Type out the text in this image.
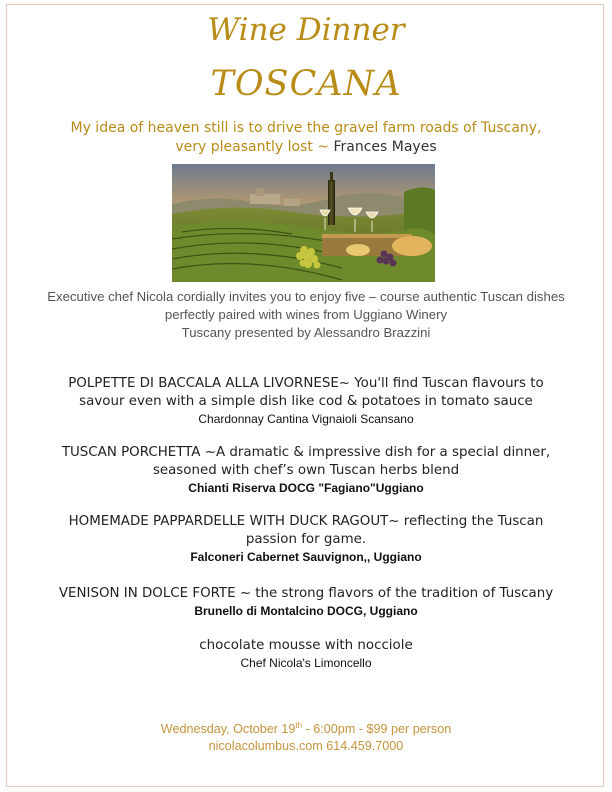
Wine Dinner
TOSCANA
My idea of heaven still is to drive the gravel farm roads of Tuscany,
very pleasantly lost ~ Frances Mayes
Executive chef Nicola cordially invites you to enjoy five – course authentic Tuscan dishes
perfectly paired with wines from Uggiano Winery
Tuscany presented by Alessandro Brazzini
POLPETTE DI BACCALA ALLA LIVORNESE~ You'll find Tuscan flavours to
savour even with a simple dish like cod & potatoes in tomato sauce
Chardonnay Cantina Vignaioli Scansano
TUSCAN PORCHETTA ~A dramatic & impressive dish for a special dinner,
seasoned with chef’s own Tuscan herbs blend
Chianti Riserva DOCG "Fagiano"Uggiano
HOMEMADE PAPPARDELLE WITH DUCK RAGOUT~ reflecting the Tuscan
passion for game.
Falconeri Cabernet Sauvignon,, Uggiano
VENISON IN DOLCE FORTE ~ the strong flavors of the tradition of Tuscany
Brunello di Montalcino DOCG, Uggiano
chocolate mousse with nocciole
Chef Nicola's Limoncello
Wednesday, October 19th - 6:00pm - $99 per person
nicolacolumbus.com 614.459.7000
